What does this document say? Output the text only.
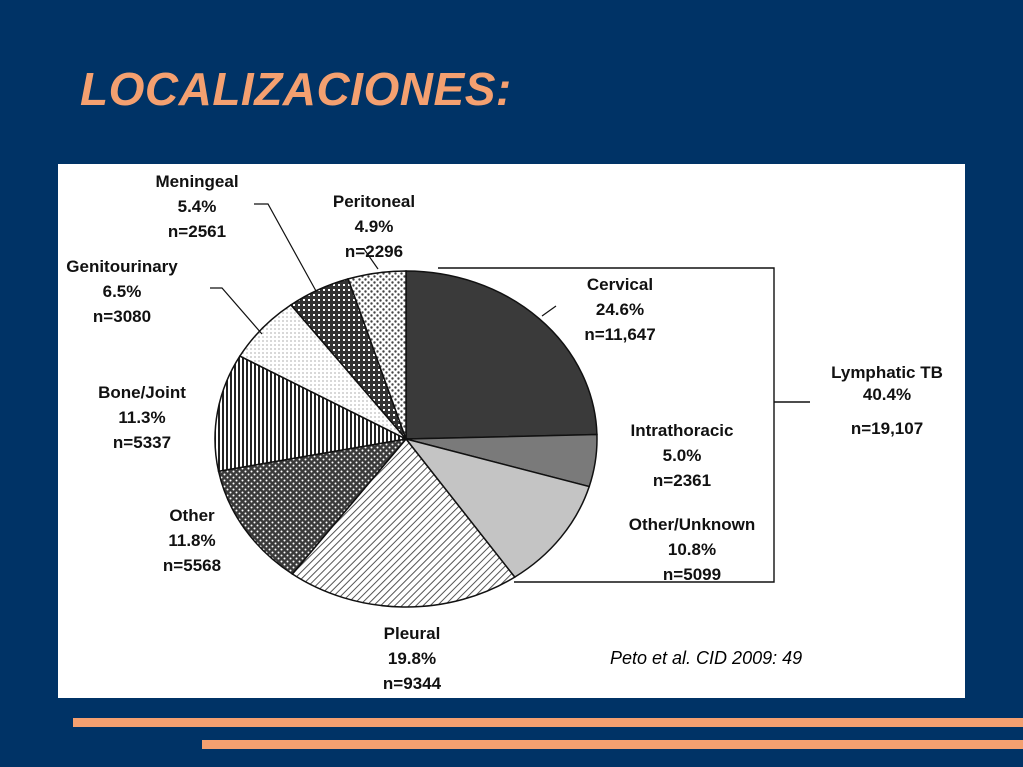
LOCALIZACIONES:
Cervical
24.6%
n=11,647
Intrathoracic
5.0%
n=2361
Other/Unknown
10.8%
n=5099
Pleural
19.8%
n=9344
Other
11.8%
n=5568
Bone/Joint
11.3%
n=5337
Genitourinary
6.5%
n=3080
Meningeal
5.4%
n=2561
Peritoneal
4.9%
n=2296
Lymphatic TB
40.4%
n=19,107
Peto et al. CID 2009: 49
